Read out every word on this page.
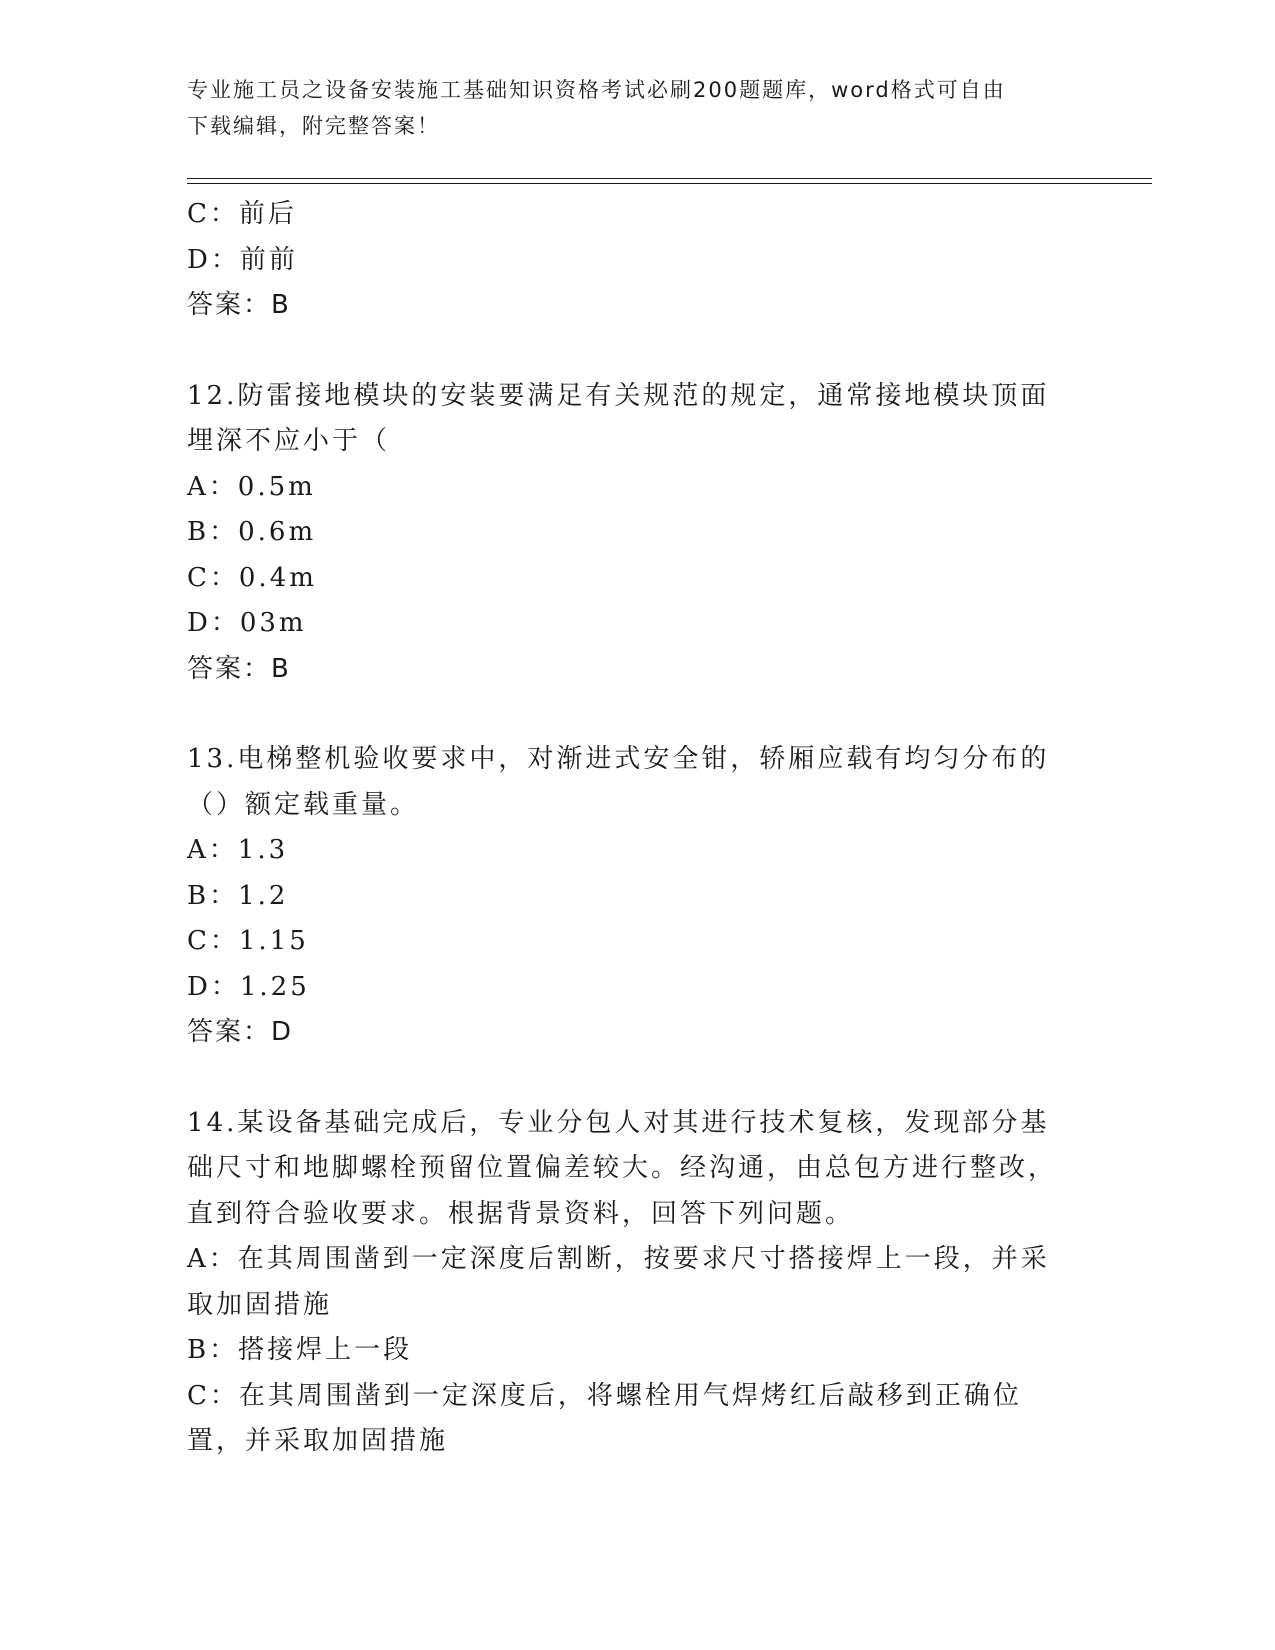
专业施工员之设备安装施工基础知识资格考试必刷200题题库，word格式可自由
下载编辑，附完整答案！
C：前后
D：前前
答案：B
12.防雷接地模块的安装要满足有关规范的规定，通常接地模块顶面埋深不应小于（
A：0.5m
B：0.6m
C：0.4m
D：03m
答案：B
13.电梯整机验收要求中，对渐进式安全钳，轿厢应载有均匀分布的（）额定载重量。
A：1.3
B：1.2
C：1.15
D：1.25
答案：D
14.某设备基础完成后，专业分包人对其进行技术复核，发现部分基础尺寸和地脚螺栓预留位置偏差较大。经沟通，由总包方进行整改，直到符合验收要求。根据背景资料，回答下列问题。
A：在其周围凿到一定深度后割断，按要求尺寸搭接焊上一段，并采取加固措施
B：搭接焊上一段
C：在其周围凿到一定深度后，将螺栓用气焊烤红后敲移到正确位置，并采取加固措施
